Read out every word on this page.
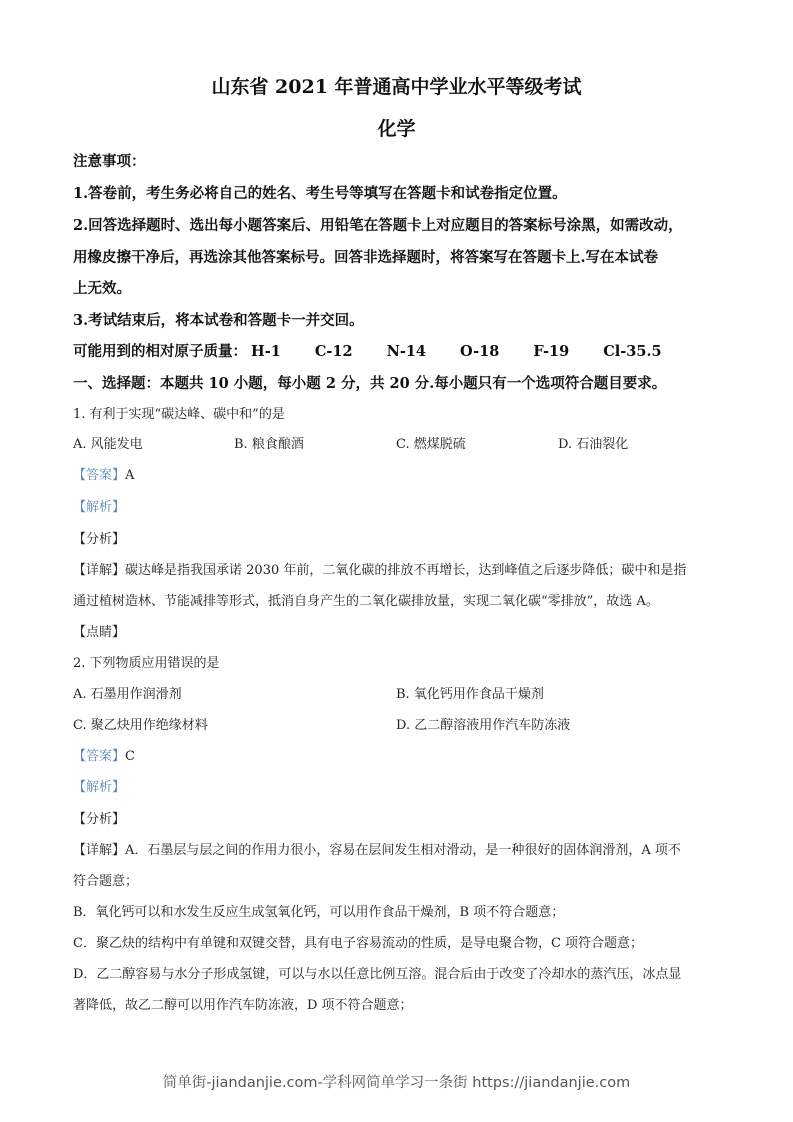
山东省 2021 年普通高中学业水平等级考试
化学
注意事项：
1.答卷前，考生务必将自己的姓名、考生号等填写在答题卡和试卷指定位置。
2.回答选择题时、选出每小题答案后、用铅笔在答题卡上对应题目的答案标号涂黑，如需改动，
用橡皮擦干净后，再选涂其他答案标号。回答非选择题时，将答案写在答题卡上.写在本试卷
上无效。
3.考试结束后，将本试卷和答题卡一并交回。
可能用到的相对原子质量： H-1 C-12 N-14 O-18 F-19 Cl-35.5
一、选择题：本题共 10 小题，每小题 2 分，共 20 分.每小题只有一个选项符合题目要求。
1. 有利于实现“碳达峰、碳中和”的是
A. 风能发电	B. 粮食酿酒	C. 燃煤脱硫	D. 石油裂化
【答案】A
【解析】
【分析】
【详解】碳达峰是指我国承诺 2030 年前，二氧化碳的排放不再增长，达到峰值之后逐步降低；碳中和是指
通过植树造林、节能减排等形式，抵消自身产生的二氧化碳排放量，实现二氧化碳“零排放”，故选 A。
【点睛】
2. 下列物质应用错误的是
A. 石墨用作润滑剂	B. 氧化钙用作食品干燥剂
C. 聚乙炔用作绝缘材料	D. 乙二醇溶液用作汽车防冻液
【答案】C
【解析】
【分析】
【详解】A．石墨层与层之间的作用力很小，容易在层间发生相对滑动，是一种很好的固体润滑剂，A 项不
符合题意；
B．氧化钙可以和水发生反应生成氢氧化钙，可以用作食品干燥剂，B 项不符合题意；
C．聚乙炔的结构中有单键和双键交替，具有电子容易流动的性质，是导电聚合物，C 项符合题意；
D．乙二醇容易与水分子形成氢键，可以与水以任意比例互溶。混合后由于改变了冷却水的蒸汽压，冰点显
著降低，故乙二醇可以用作汽车防冻液，D 项不符合题意；
简单街-jiandanjie.com-学科网简单学习一条街 https://jiandanjie.com
